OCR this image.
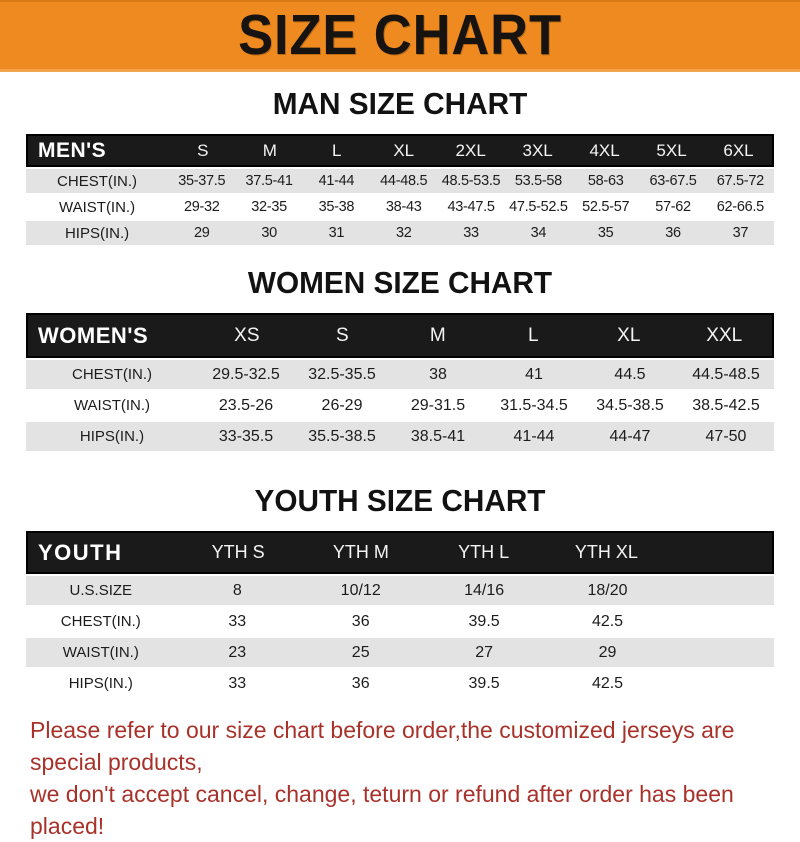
SIZE CHART
MAN SIZE CHART
MEN'S	S	M	L	XL	2XL	3XL	4XL	5XL	6XL
CHEST(IN.)	35-37.5	37.5-41	41-44	44-48.5 48.5-53.5 53.5-58	58-63	63-67.5	67.5-72
WAIST(IN.)	29-32	32-35	35-38	38-43	43-47.5 47.5-52.5 52.5-57	57-62	62-66.5
HIPS(IN.)	29	30	31	32	33	34	35	36	37
WOMEN SIZE CHART
WOMEN'S	XS	S	M	L	XL	XXL
CHEST(IN.)	29.5-32.5	32.5-35.5	38	41	44.5	44.5-48.5
WAIST(IN.)	23.5-26	26-29	29-31.5	31.5-34.5	34.5-38.5	38.5-42.5
HIPS(IN.)	33-35.5	35.5-38.5	38.5-41	41-44	44-47	47-50
YOUTH SIZE CHART
YOUTH	YTH S	YTH M	YTH L	YTH XL
U.S.SIZE	8	10/12	14/16	18/20
CHEST(IN.)	33	36	39.5	42.5
WAIST(IN.)	23	25	27	29
HIPS(IN.)	33	36	39.5	42.5

Please refer to our size chart before order,the customized jerseys are special products,

we don't accept cancel, change, teturn or refund after order has been placed!
